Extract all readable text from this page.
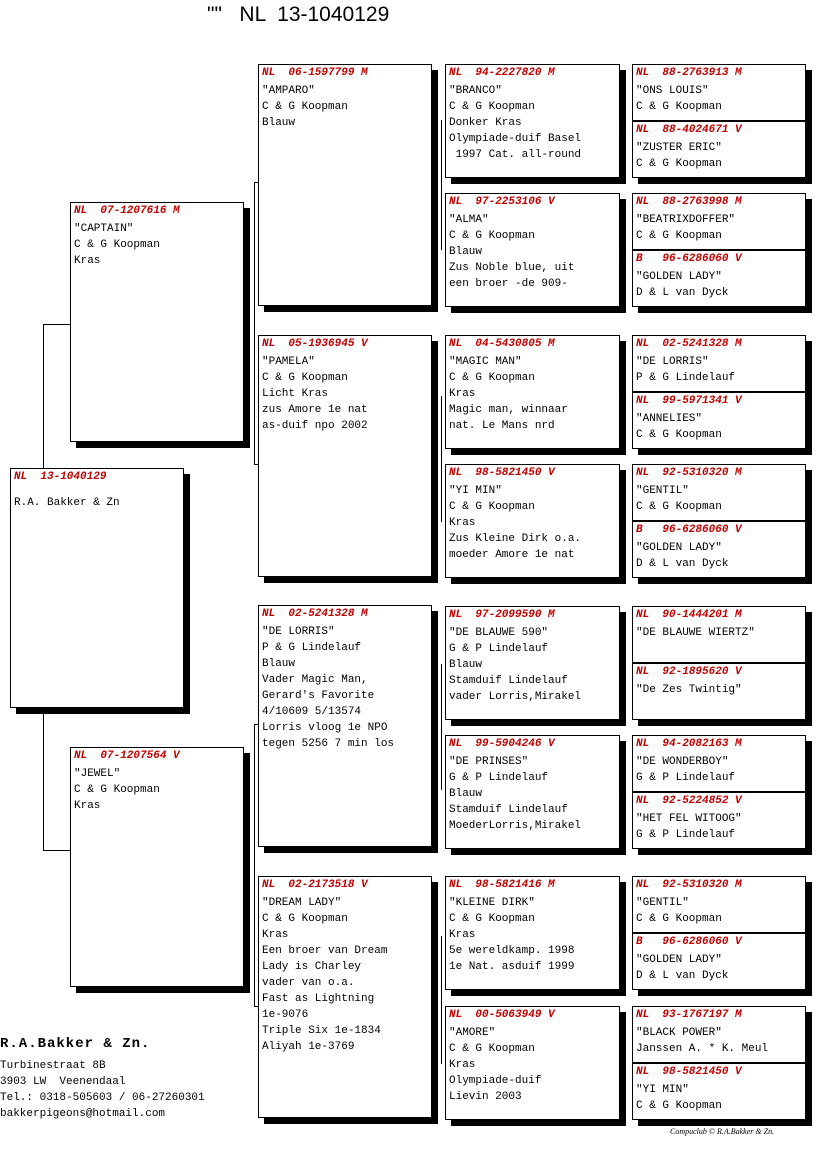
""   NL  13-1040129
NL  13-1040129
R.A. Bakker & Zn
NL  07-1207616 M
"CAPTAIN"
C & G Koopman
Kras
NL  07-1207564 V
"JEWEL"
C & G Koopman
Kras
NL  06-1597799 M
"AMPARO"
C & G Koopman
Blauw
NL  05-1936945 V
"PAMELA"
C & G Koopman
Licht Kras
zus Amore 1e nat
as-duif npo 2002
NL  02-5241328 M
"DE LORRIS"
P & G Lindelauf
Blauw
Vader Magic Man,
Gerard's Favorite
4/10609 5/13574
Lorris vloog 1e NPO
tegen 5256 7 min los
NL  02-2173518 V
"DREAM LADY"
C & G Koopman
Kras
Een broer van Dream
Lady is Charley
vader van o.a.
Fast as Lightning
1e-9076
Triple Six 1e-1834
Aliyah 1e-3769
NL  94-2227820 M
"BRANCO"
C & G Koopman
Donker Kras
Olympiade-duif Basel
1997 Cat. all-round
NL  97-2253106 V
"ALMA"
C & G Koopman
Blauw
Zus Noble blue, uit
een broer -de 909-
NL  04-5430805 M
"MAGIC MAN"
C & G Koopman
Kras
Magic man, winnaar
nat. Le Mans nrd
NL  98-5821450 V
"YI MIN"
C & G Koopman
Kras
Zus Kleine Dirk o.a.
moeder Amore 1e nat
NL  97-2099590 M
"DE BLAUWE 590"
G & P Lindelauf
Blauw
Stamduif Lindelauf
vader Lorris,Mirakel
NL  99-5904246 V
"DE PRINSES"
G & P Lindelauf
Blauw
Stamduif Lindelauf
MoederLorris,Mirakel
NL  98-5821416 M
"KLEINE DIRK"
C & G Koopman
Kras
5e wereldkamp. 1998
1e Nat. asduif 1999
NL  00-5063949 V
"AMORE"
C & G Koopman
Kras
Olympiade-duif
Lievin 2003
NL  88-2763913 M
"ONS LOUIS"
C & G Koopman
NL  88-4024671 V
"ZUSTER ERIC"
C & G Koopman
NL  88-2763998 M
"BEATRIXDOFFER"
C & G Koopman
B   96-6286060 V
"GOLDEN LADY"
D & L van Dyck
NL  02-5241328 M
"DE LORRIS"
P & G Lindelauf
NL  99-5971341 V
"ANNELIES"
C & G Koopman
NL  92-5310320 M
"GENTIL"
C & G Koopman
B   96-6286060 V
"GOLDEN LADY"
D & L van Dyck
NL  90-1444201 M
"DE BLAUWE WIERTZ"
NL  92-1895620 V
"De Zes Twintig"
NL  94-2082163 M
"DE WONDERBOY"
G & P Lindelauf
NL  92-5224852 V
"HET FEL WITOOG"
G & P Lindelauf
NL  92-5310320 M
"GENTIL"
C & G Koopman
B   96-6286060 V
"GOLDEN LADY"
D & L van Dyck
NL  93-1767197 M
"BLACK POWER"
Janssen A. * K. Meul
NL  98-5821450 V
"YI MIN"
C & G Koopman
R.A.Bakker & Zn.
Turbinestraat 8B
3903 LW  Veenendaal
Tel.: 0318-505603 / 06-27260301
bakkerpigeons@hotmail.com
Compuclub © R.A.Bakker & Zn.
